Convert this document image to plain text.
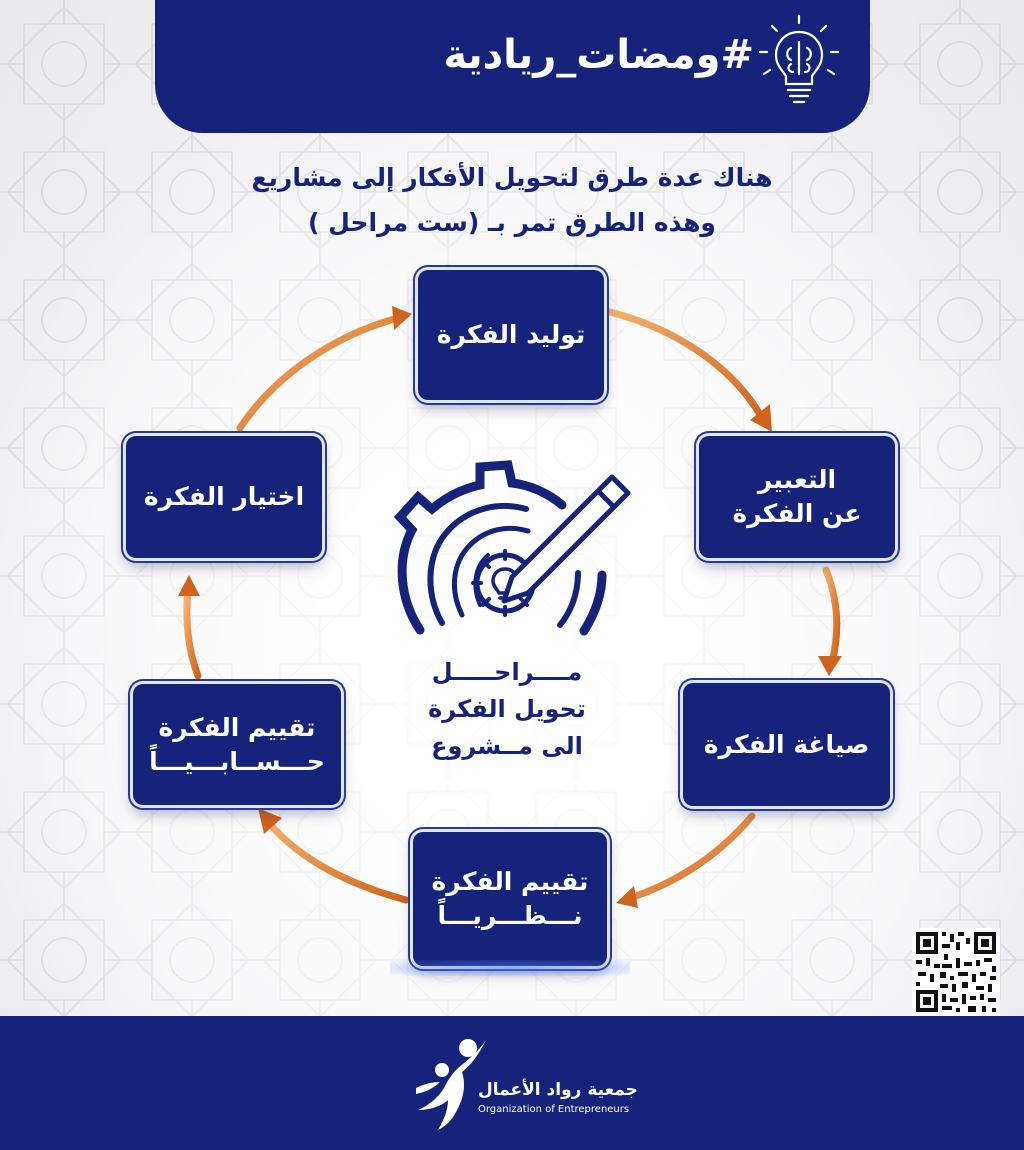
#ومضات_ريادية
هناك عدة طرق لتحويل الأفكار إلى مشاريع
وهذه الطرق تمر بـ (ست مراحل )
توليد الفكرة
التعبير
عن الفكرة
صياغة الفكرة
تقييم الفكرة
نـــظـــريـــاً
تقييم الفكرة
حـــســابـــيـــاً
اختيار الفكرة
مــــراحـــــل
تحويل الفكرة
الى مــشروع
جمعية رواد الأعمال
Organization of Entrepreneurs
